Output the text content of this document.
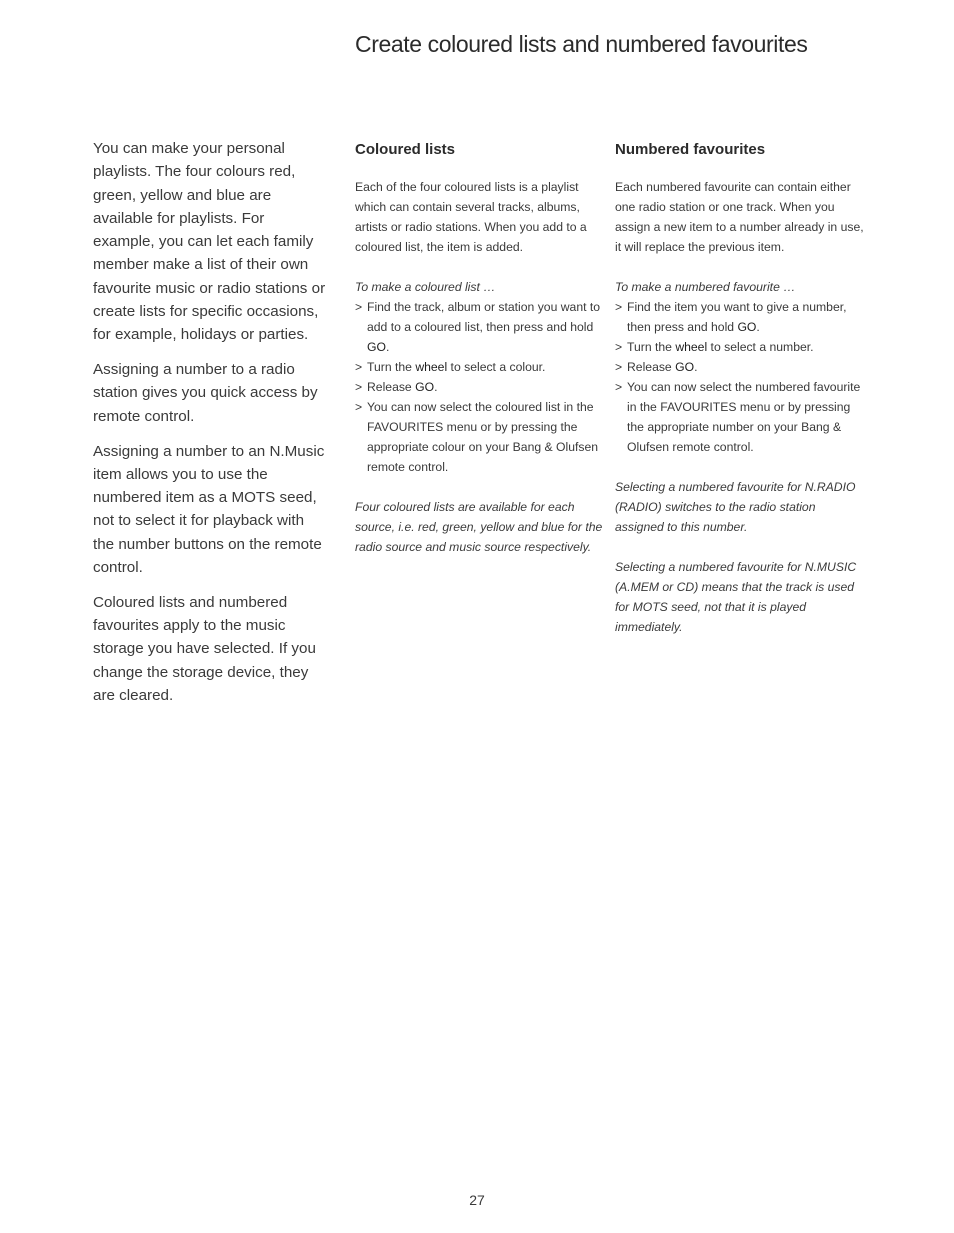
Create coloured lists and numbered favourites

You can make your personal playlists. The four colours red, green, yellow and blue are available for playlists. For example, you can let each family member make a list of their own favourite music or radio stations or create lists for specific occasions, for example, holidays or parties.

Assigning a number to a radio station gives you quick access by remote control.

Assigning a number to an N.Music item allows you to use the numbered item as a MOTS seed, not to select it for playback with the number buttons on the remote control.

Coloured lists and numbered favourites apply to the music storage you have selected. If you change the storage device, they are cleared.

Coloured lists

Each of the four coloured lists is a playlist which can contain several tracks, albums, artists or radio stations. When you add to a coloured list, the item is added.

To make a coloured list …

> Find the track, album or station you want to add to a coloured list, then press and hold GO.
> Turn the wheel to select a colour.
> Release GO.
> You can now select the coloured list in the FAVOURITES menu or by pressing the appropriate colour on your Bang & Olufsen remote control.

Four coloured lists are available for each source, i.e. red, green, yellow and blue for the radio source and music source respectively.

Numbered favourites

Each numbered favourite can contain either one radio station or one track. When you assign a new item to a number already in use, it will replace the previous item.

To make a numbered favourite …

> Find the item you want to give a number, then press and hold GO.
> Turn the wheel to select a number.
> Release GO.
> You can now select the numbered favourite in the FAVOURITES menu or by pressing the appropriate number on your Bang & Olufsen remote control.

Selecting a numbered favourite for N.RADIO (RADIO) switches to the radio station assigned to this number.

Selecting a numbered favourite for N.MUSIC (A.MEM or CD) means that the track is used for MOTS seed, not that it is played immediately.

27
